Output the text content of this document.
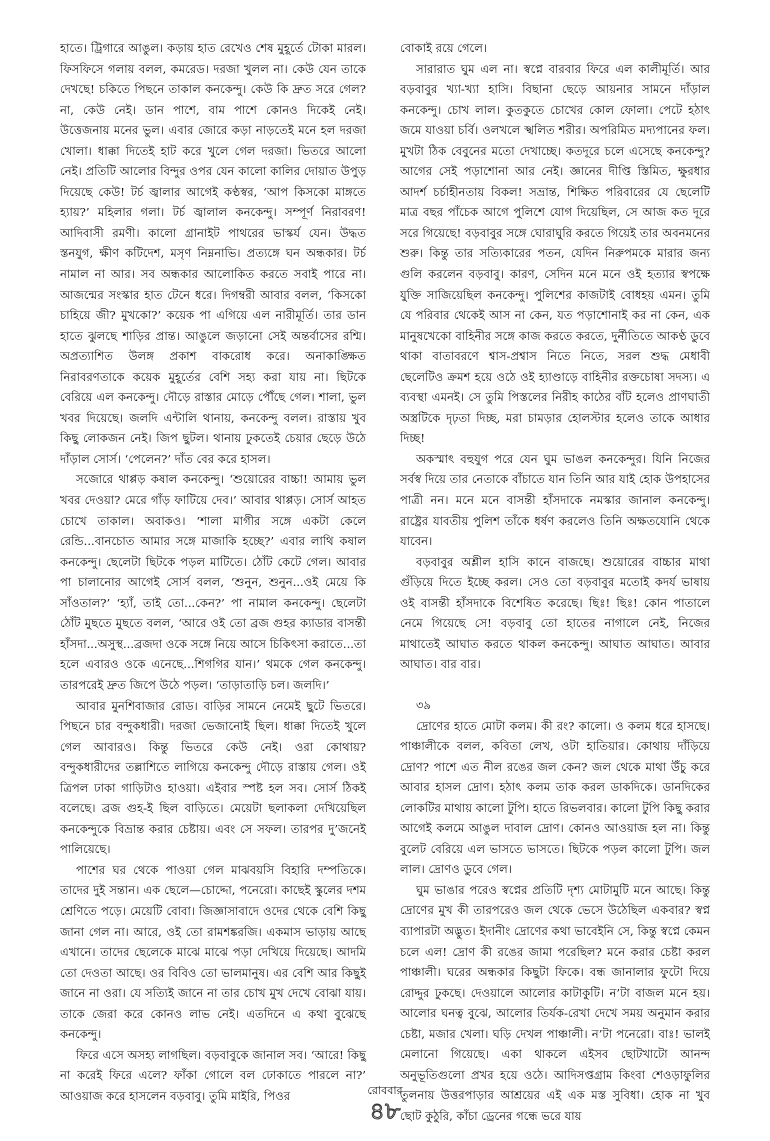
হাতে। ট্রিগারে আঙুল। কড়ায় হাত রেখেও শেষ মুহূর্তে টোকা মারল। ফিসফিসে গলায় বলল, কমরেড। দরজা খুলল না। কেউ যেন তাকে দেখছে! চকিতে পিছনে তাকাল কনকেন্দু। কেউ কি দ্রুত সরে গেল? না, কেউ নেই। ডান পাশে, বাম পাশে কোনও দিকেই নেই। উত্তেজনায় মনের ভুল। এবার জোরে কড়া নাড়তেই মনে হল দরজা খোলা। ধাক্কা দিতেই হাট করে খুলে গেল দরজা। ভিতরে আলো নেই। প্রতিটি আলোর বিন্দুর ওপর যেন কালো কালির দোয়াত উপুড় দিয়েছে কেউ! টর্চ জ্বালার আগেই কণ্ঠস্বর, ‘আপ কিসকো মাঙ্গতে হ্যায়?’ মহিলার গলা। টর্চ জ্বালাল কনকেন্দু। সম্পূর্ণ নিরাবরণ! আদিবাসী রমণী। কালো গ্রানাইট পাথরের ভাস্কর্য যেন। উদ্ধত স্তনযুগ, ক্ষীণ কটিদেশ, মসৃণ নিম্ননাভি। প্রত্যঙ্গে ঘন অন্ধকার। টর্চ নামাল না আর। সব অন্ধকার আলোকিত করতে সবাই পারে না। আজন্মের সংস্কার হাত টেনে ধরে। দিগম্বরী আবার বলল, ‘কিসকো চাহিয়ে জী? মুখকো?’ কয়েক পা এগিয়ে এল নারীমূর্তি। তার ডান হাতে ঝুলছে শাড়ির প্রান্ত। আঙুলে জড়ানো সেই অন্তর্বাসের রশ্মি। অপ্রত্যাশিত উলঙ্গ প্রকাশ বাকরোধ করে। অনাকাঙ্ক্ষিত নিরাবরণতাকে কয়েক মুহূর্তের বেশি সহ্য করা যায় না। ছিটকে বেরিয়ে এল কনকেন্দু। দৌড়ে রাস্তার মোড়ে পৌঁছে গেল। শালা, ভুল খবর দিয়েছে। জলদি এন্টালি থানায়, কনকেন্দু বলল। রাস্তায় খুব কিছু লোকজন নেই। জিপ ছুটল। থানায় ঢুকতেই চেয়ার ছেড়ে উঠে দাঁড়াল সোর্স। ‘পেলেন?’ দাঁত বের করে হাসল।

সজোরে থাপ্পড় কষাল কনকেন্দু। ‘শুয়োরের বাচ্চা! আমায় ভুল খবর দেওয়া? মেরে গাঁড় ফাটিয়ে দেব।’ আবার থাপ্পড়। সোর্স আহত চোখে তাকাল। অবাকও। ‘শালা মাগীর সঙ্গে একটা কেলে রেন্ডি...বানচোত আমার সঙ্গে মাজাকি হচ্ছে?’ এবার লাথি কষাল কনকেন্দু। ছেলেটা ছিটকে পড়ল মাটিতে। ঠোঁট কেটে গেল। আবার পা চালানোর আগেই সোর্স বলল, ‘শুনুন, শুনুন...ওই মেয়ে কি সাঁওতাল?’ ‘হ্যাঁ, তাই তো...কেন?’ পা নামাল কনকেন্দু। ছেলেটা ঠোঁট মুছতে মুছতে বলল, ‘আরে ওই তো ব্রজ গুহর ক্যাডার বাসন্তী হাঁসদা...অসুস্থ...ব্রজদা ওকে সঙ্গে নিয়ে আসে চিকিৎসা করাতে...তা হলে এবারও ওকে এনেছে...শিগগির যান।’ থমকে গেল কনকেন্দু। তারপরেই দ্রুত জিপে উঠে পড়ল। ‘তাড়াতাড়ি চল। জলদি।’

আবার মুনশিবাজার রোড। বাড়ির সামনে নেমেই ছুটে ভিতরে। পিছনে চার বন্দুকধারী। দরজা ভেজানোই ছিল। ধাক্কা দিতেই খুলে গেল আবারও। কিন্তু ভিতরে কেউ নেই। ওরা কোথায়? বন্দুকধারীদের তল্লাশিতে লাগিয়ে কনকেন্দু দৌড়ে রাস্তায় গেল। ওই ত্রিপল ঢাকা গাড়িটাও হাওয়া। এইবার স্পষ্ট হল সব। সোর্স ঠিকই বলেছে। ব্রজ গুহ-ই ছিল বাড়িতে। মেয়েটা ছলাকলা দেখিয়েছিল কনকেন্দুকে বিভ্রান্ত করার চেষ্টায়। এবং সে সফল। তারপর দু’জনেই পালিয়েছে।

পাশের ঘর থেকে পাওয়া গেল মাঝবয়সি বিহারি দম্পতিকে। তাদের দুই সন্তান। এক ছেলে—চোদ্দো, পনেরো। কাছেই স্কুলের দশম শ্রেণিতে পড়ে। মেয়েটি বোবা। জিজ্ঞাসাবাদে ওদের থেকে বেশি কিছু জানা গেল না। আরে, ওই তো রামশঙ্করজি। একমাস ভাড়ায় আছে এখানে। তাদের ছেলেকে মাঝে মাঝে পড়া দেখিয়ে দিয়েছে। আদমি তো দেওতা আছে। ওর বিবিও তো ভালমানুষ। এর বেশি আর কিছুই জানে না ওরা। যে সত্যিই জানে না তার চোখ মুখ দেখে বোঝা যায়। তাকে জেরা করে কোনও লাভ নেই। এতদিনে এ কথা বুঝেছে কনকেন্দু।

ফিরে এসে অসহ্য লাগছিল। বড়বাবুকে জানাল সব। ‘আরে! কিছু না করেই ফিরে এলে? ফাঁকা গোলে বল ঢোকাতে পারলে না?’ আওয়াজ করে হাসলেন বড়বাবু। তুমি মাইরি, পিওর

বোকাই রয়ে গেলে।

সারারাত ঘুম এল না। স্বপ্নে বারবার ফিরে এল কালীমূর্তি। আর বড়বাবুর খ্যা-খ্যা হাসি। বিছানা ছেড়ে আয়নার সামনে দাঁড়াল কনকেন্দু। চোখ লাল। কুতকুতে চোখের কোল ফোলা। পেটে হঠাৎ জমে যাওয়া চর্বি। ওলখলে স্খলিত শরীর। অপরিমিত মদ্যপানের ফল। মুখটা ঠিক বেবুনের মতো দেখাচ্ছে। কতদূরে চলে এসেছে কনকেন্দু? আগের সেই পড়াশোনা আর নেই। জ্ঞানের দীপ্তি স্তিমিত, ক্ষুরধার আদর্শ চর্চাহীনতায় বিকল! সভ্রান্ত, শিক্ষিত পরিবারের যে ছেলেটি মাত্র বছর পাঁচেক আগে পুলিশে যোগ দিয়েছিল, সে আজ কত দূরে সরে গিয়েছে! বড়বাবুর সঙ্গে ঘোরাঘুরি করতে গিয়েই তার অবনমনের শুরু। কিন্তু তার সত্যিকারের পতন, যেদিন নিরুপমকে মারার জন্য গুলি করলেন বড়বাবু। কারণ, সেদিন মনে মনে ওই হত্যার স্বপক্ষে যুক্তি সাজিয়েছিল কনকেন্দু। পুলিশের কাজটাই বোধহয় এমন। তুমি যে পরিবার থেকেই আস না কেন, যত পড়াশোনাই কর না কেন, এক মানুষখেকো বাহিনীর সঙ্গে কাজ করতে করতে, দুর্নীতিতে আকণ্ঠ ডুবে থাকা বাতাবরণে শ্বাস-প্রশ্বাস নিতে নিতে, সরল শুদ্ধ মেধাবী ছেলেটিও ক্রমশ হয়ে ওঠে ওই হ্যাণ্ডাড়ে বাহিনীর রক্তচোষা সদস্য। এ ব্যবস্থা এমনই। সে তুমি পিস্তলের নিরীহ কাঠের বাঁট হলেও প্রাণঘাতী অস্ত্রটিকে দৃঢ়তা দিচ্ছ, মরা চামড়ার হোলস্টার হলেও তাকে আধার দিচ্ছ!

অকস্মাৎ বহুযুগ পরে যেন ঘুম ভাঙল কনকেন্দুর। যিনি নিজের সর্বস্ব দিয়ে তার নেতাকে বাঁচাতে যান তিনি আর যাই হোক উপহাসের পাত্রী নন। মনে মনে বাসন্তী হাঁসদাকে নমস্কার জানাল কনকেন্দু। রাষ্ট্রের যাবতীয় পুলিশ তাঁকে ধর্ষণ করলেও তিনি অক্ষতযোনি থেকে যাবেন।

বড়বাবুর অশ্লীল হাসি কানে বাজছে। শুয়োরের বাচ্চার মাথা গুঁড়িয়ে দিতে ইচ্ছে করল। সেও তো বড়বাবুর মতোই কদর্য ভাষায় ওই বাসন্তী হাঁসদাকে বিশেষিত করেছে। ছিঃ! ছিঃ! কোন পাতালে নেমে গিয়েছে সে! বড়বাবু তো হাতের নাগালে নেই, নিজের মাথাতেই আঘাত করতে থাকল কনকেন্দু। আঘাত আঘাত। আবার আঘাত। বার বার।

৩৯

দ্রোণের হাতে মোটা কলম। কী রং? কালো। ও কলম ধরে হাসছে। পাঞ্চালীকে বলল, কবিতা লেখ, ওটা হাতিয়ার। কোথায় দাঁড়িয়ে দ্রোণ? পাশে এত নীল রঙের জল কেন? জল থেকে মাথা উঁচু করে আবার হাসল দ্রোণ। হঠাৎ কলম তাক করল ডাকদিকে। ডানদিকের লোকটির মাথায় কালো টুপি। হাতে রিভলবার। কালো টুপি কিছু করার আগেই কলমে আঙুল দাবাল দ্রোণ। কোনও আওয়াজ হল না। কিন্তু বুলেট বেরিয়ে এল ভাসতে ভাসতে। ছিটকে পড়ল কালো টুপি। জল লাল। দ্রোণও ডুবে গেল।

ঘুম ভাঙার পরেও স্বপ্নের প্রতিটি দৃশ্য মোটামুটি মনে আছে। কিন্তু দ্রোণের মুখ কী তারপরেও জল থেকে ভেসে উঠেছিল একবার? স্বপ্ন ব্যাপারটা অদ্ভুত। ইদানীং দ্রোণের কথা ভাবেইনি সে, কিন্তু স্বপ্নে কেমন চলে এল! দ্রোণ কী রঙের জামা পরেছিল? মনে করার চেষ্টা করল পাঞ্চালী। ঘরের অন্ধকার কিছুটা ফিকে। বন্ধ জানালার ফুটো দিয়ে রোদ্দুর ঢুকছে। দেওয়ালে আলোর কাটাকুটি। ন’টা বাজল মনে হয়। আলোর ঘনত্ব বুঝে, আলোর তির্যক-রেখা দেখে সময় অনুমান করার চেষ্টা, মজার খেলা। ঘড়ি দেখল পাঞ্চালী। ন’টা পনেরো। বাঃ! ভালই মেলানো গিয়েছে। একা থাকলে এইসব ছোটখাটো আনন্দ অনুভূতিগুলো প্রখর হয়ে ওঠে। আদিসপ্তগ্রাম কিংবা শেওড়াফুলির তুলনায় উত্তরপাড়ার আশ্রয়ের এই এক মস্ত সুবিধা। হোক না খুব ছোট কুঠুরি, কাঁচা ড্রেনের গন্ধে ভরে যায়

রোববার
৪৮
